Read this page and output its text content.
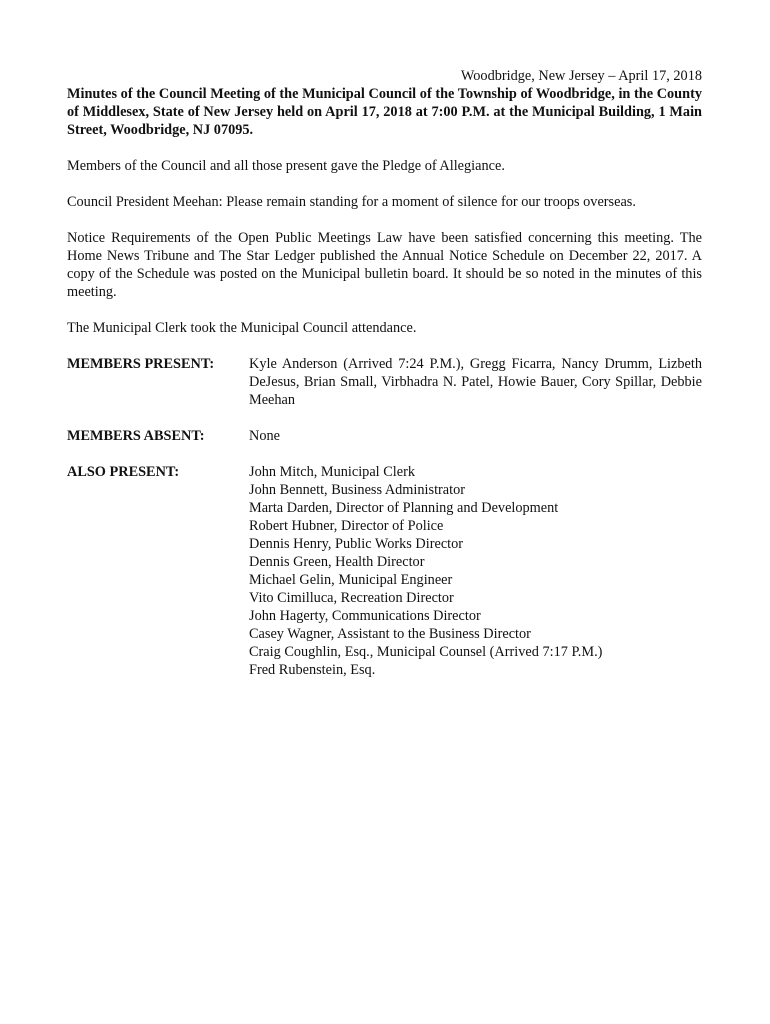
Woodbridge, New Jersey – April 17, 2018

Minutes of the Council Meeting of the Municipal Council of the Township of Woodbridge, in the County of Middlesex, State of New Jersey held on April 17, 2018 at 7:00 P.M. at the Municipal Building, 1 Main Street, Woodbridge, NJ 07095.

Members of the Council and all those present gave the Pledge of Allegiance.

Council President Meehan: Please remain standing for a moment of silence for our troops overseas.

Notice Requirements of the Open Public Meetings Law have been satisfied concerning this meeting. The Home News Tribune and The Star Ledger published the Annual Notice Schedule on December 22, 2017. A copy of the Schedule was posted on the Municipal bulletin board. It should be so noted in the minutes of this meeting.

The Municipal Clerk took the Municipal Council attendance.

MEMBERS PRESENT:	Kyle Anderson (Arrived 7:24 P.M.), Gregg Ficarra, Nancy Drumm, Lizbeth DeJesus, Brian Small, Virbhadra N. Patel, Howie Bauer, Cory Spillar, Debbie Meehan
MEMBERS ABSENT:	None
ALSO PRESENT:	John Mitch, Municipal Clerk
John Bennett, Business Administrator
Marta Darden, Director of Planning and Development
Robert Hubner, Director of Police
Dennis Henry, Public Works Director
Dennis Green, Health Director
Michael Gelin, Municipal Engineer
Vito Cimilluca, Recreation Director
John Hagerty, Communications Director
Casey Wagner, Assistant to the Business Director
Craig Coughlin, Esq., Municipal Counsel (Arrived 7:17 P.M.)
Fred Rubenstein, Esq.
